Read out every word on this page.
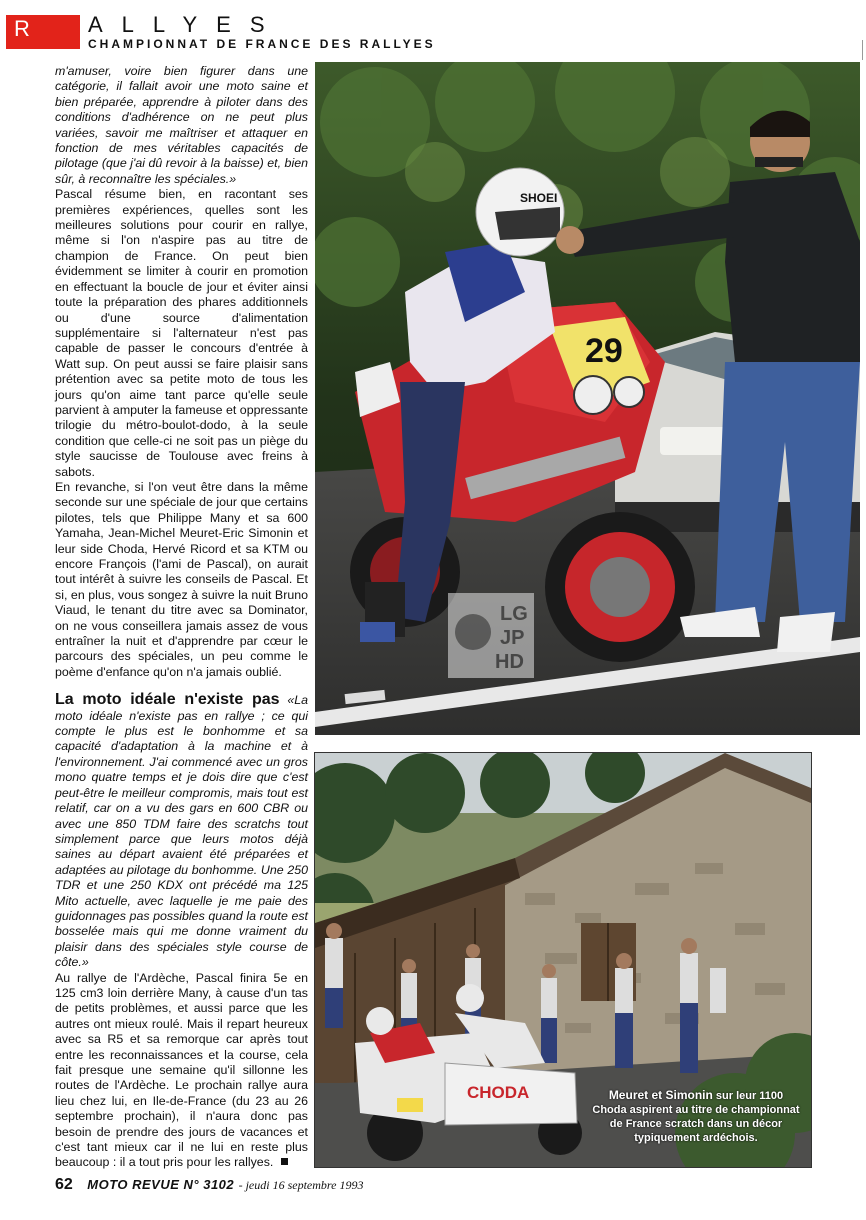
R	ALLYES
CHAMPIONNAT DE FRANCE DES RALLYES

m'amuser, voire bien figurer dans une catégorie, il fallait avoir une moto saine et bien préparée, apprendre à piloter dans des conditions d'adhérence on ne peut plus variées, savoir me maîtriser et attaquer en fonction de mes véritables capacités de pilotage (que j'ai dû revoir à la baisse) et, bien sûr, à reconnaître les spéciales.»

Pascal résume bien, en racontant ses premières expériences, quelles sont les meilleures solutions pour courir en rallye, même si l'on n'aspire pas au titre de champion de France. On peut bien évidemment se limiter à courir en promotion en effectuant la boucle de jour et éviter ainsi toute la préparation des phares additionnels ou d'une source d'alimentation supplémentaire si l'alternateur n'est pas capable de passer le concours d'entrée à Watt sup. On peut aussi se faire plaisir sans prétention avec sa petite moto de tous les jours qu'on aime tant parce qu'elle seule parvient à amputer la fameuse et oppressante trilogie du métro-boulot-dodo, à la seule condition que celle-ci ne soit pas un piège du style saucisse de Toulouse avec freins à sabots.

En revanche, si l'on veut être dans la même seconde sur une spéciale de jour que certains pilotes, tels que Philippe Many et sa 600 Yamaha, Jean-Michel Meuret-Eric Simonin et leur side Choda, Hervé Ricord et sa KTM ou encore François (l'ami de Pascal), on aurait tout intérêt à suivre les conseils de Pascal. Et si, en plus, vous songez à suivre la nuit Bruno Viaud, le tenant du titre avec sa Dominator, on ne vous conseillera jamais assez de vous entraîner la nuit et d'apprendre par cœur le parcours des spéciales, un peu comme le poème d'enfance qu'on n'a jamais oublié.

La moto idéale n'existe pas «La moto idéale n'existe pas en rallye ; ce qui compte le plus est le bonhomme et sa capacité d'adaptation à la machine et à l'environnement. J'ai commencé avec un gros mono quatre temps et je dois dire que c'est peut-être le meilleur compromis, mais tout est relatif, car on a vu des gars en 600 CBR ou avec une 850 TDM faire des scratchs tout simplement parce que leurs motos déjà saines au départ avaient été préparées et adaptées au pilotage du bonhomme. Une 250 TDR et une 250 KDX ont précédé ma 125 Mito actuelle, avec laquelle je me paie des guidonnages pas possibles quand la route est bosselée mais qui me donne vraiment du plaisir dans des spéciales style course de côte.»

Au rallye de l'Ardèche, Pascal finira 5e en 125 cm3 loin derrière Many, à cause d'un tas de petits problèmes, et aussi parce que les autres ont mieux roulé. Mais il repart heureux avec sa R5 et sa remorque car après tout entre les reconnaissances et la course, cela fait presque une semaine qu'il sillonne les routes de l'Ardèche. Le prochain rallye aura lieu chez lui, en Ile-de-France (du 23 au 26 septembre prochain), il n'aura donc pas besoin de prendre des jours de vacances et c'est tant mieux car il ne lui en reste plus beaucoup : il a tout pris pour les rallyes.

29
SHOEI
LG
JP
HD
CHODA	Meuret et Simonin sur leur 1100 Choda aspirent au titre de championnat de France scratch dans un décor typiquement ardéchois.
62 MOTO REVUE N° 3102 - jeudi 16 septembre 1993
